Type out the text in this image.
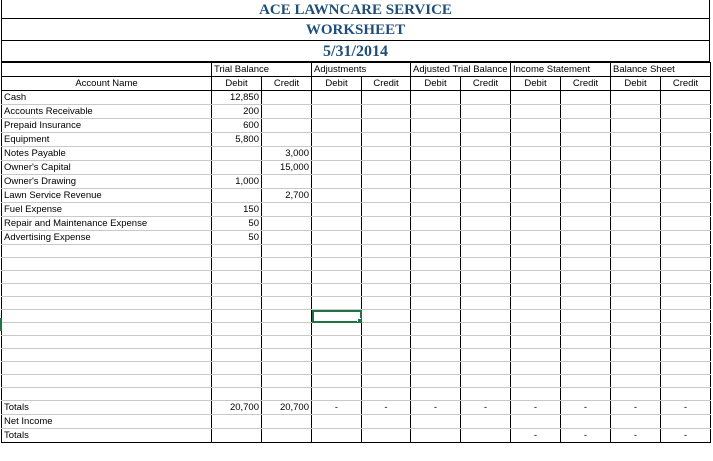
ACE LAWNCARE SERVICE
WORKSHEET
5/31/2014
	Trial Balance		Adjustments		Adjusted Trial Balance		Income Statement		Balance Sheet	
Account Name	Debit	Credit	Debit	Credit	Debit	Credit	Debit	Credit	Debit	Credit
Cash	12,850									
Accounts Receivable	200									
Prepaid Insurance	600									
Equipment	5,800									
Notes Payable		3,000								
Owner's Capital		15,000								
Owner's Drawing	1,000									
Lawn Service Revenue		2,700								
Fuel Expense	150									
Repair and Maintenance Expense	50									
Advertising Expense	50									

Totals	20,700	20,700	-	-	-	-	-	-	-	-
Net Income										
Totals							-	-	-	-
